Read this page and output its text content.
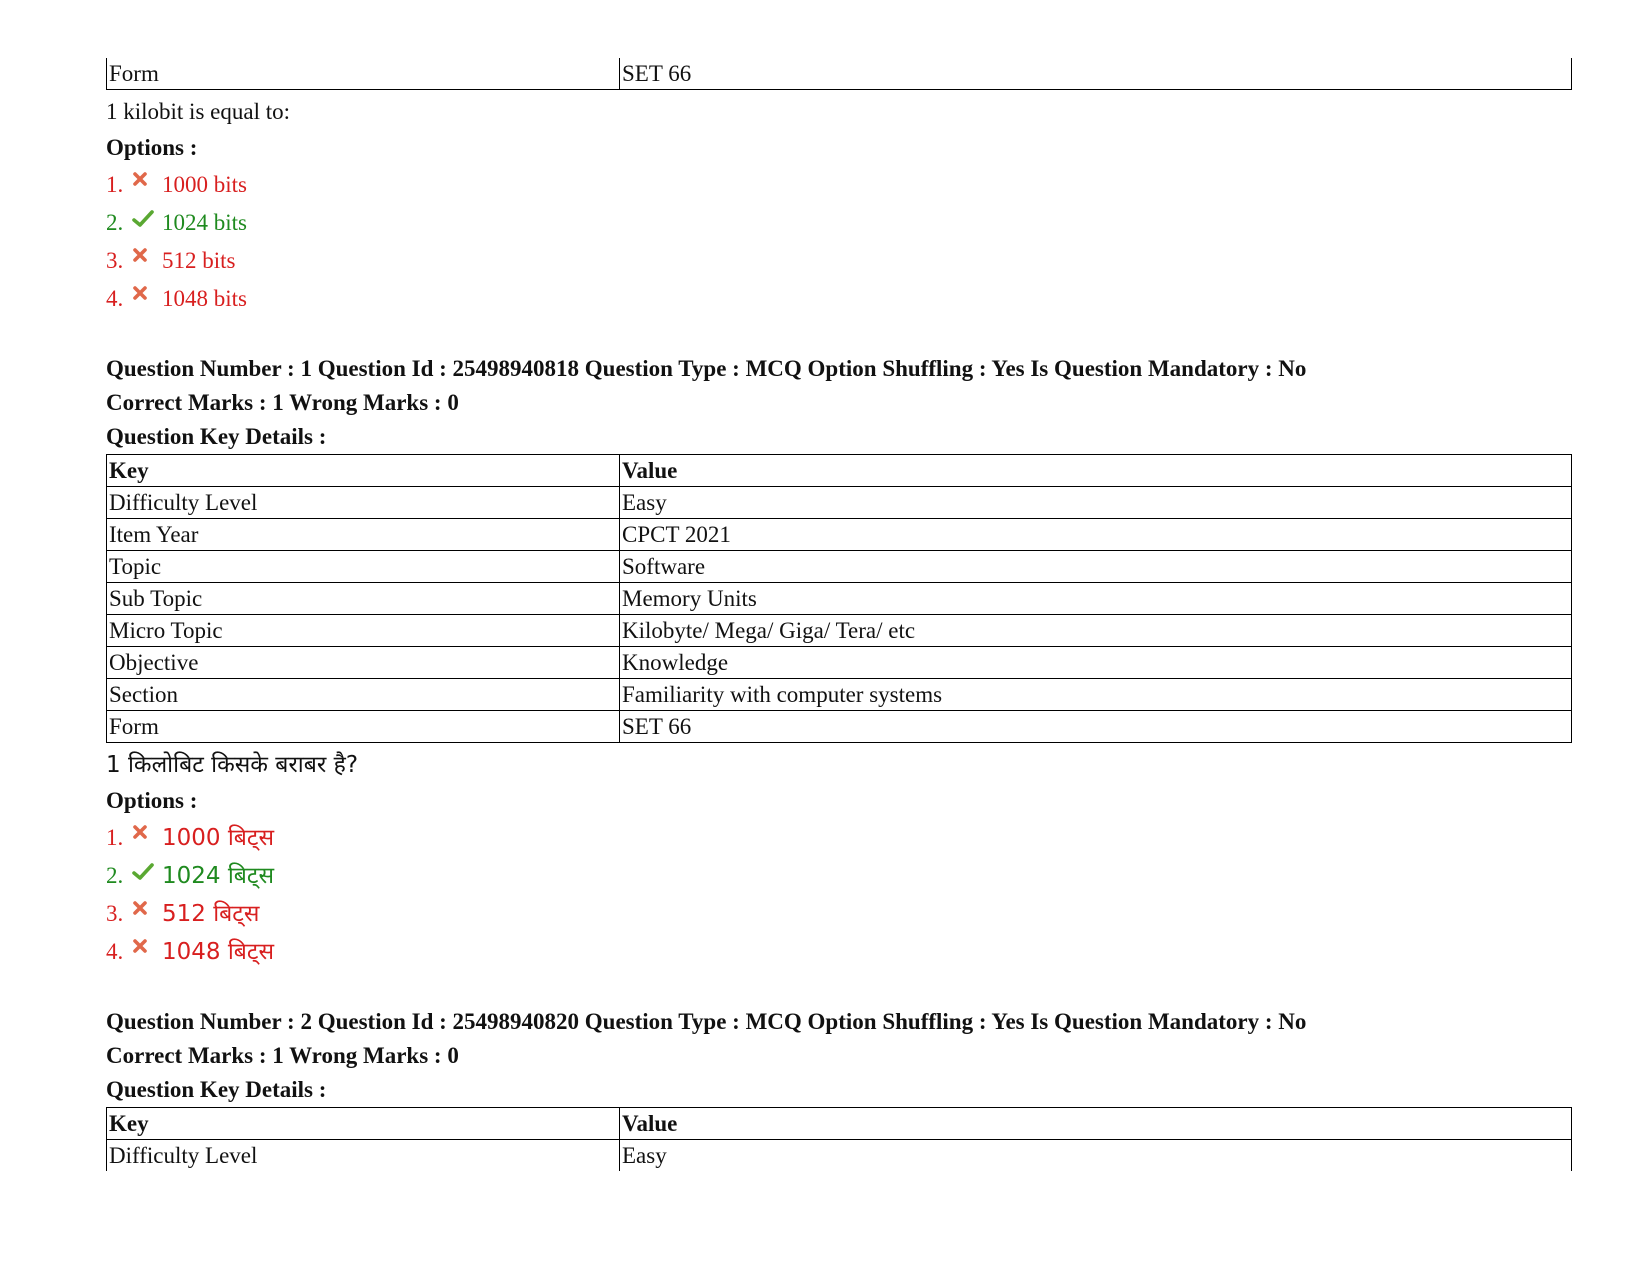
Form	SET 66
1 kilobit is equal to:
Options :
1.	1000 bits
2.	1024 bits
3.	512 bits
4.	1048 bits
Question Number : 1 Question Id : 25498940818 Question Type : MCQ Option Shuffling : Yes Is Question Mandatory : No
Correct Marks : 1 Wrong Marks : 0
Question Key Details :
Key	Value
Difficulty Level	Easy
Item Year	CPCT 2021
Topic	Software
Sub Topic	Memory Units
Micro Topic	Kilobyte/ Mega/ Giga/ Tera/ etc
Objective	Knowledge
Section	Familiarity with computer systems
Form	SET 66
1 किलोबिट किसके बराबर है?
Options :
1.	1000 बिट्स
2.	1024 बिट्स
3.	512 बिट्स
4.	1048 बिट्स
Question Number : 2 Question Id : 25498940820 Question Type : MCQ Option Shuffling : Yes Is Question Mandatory : No
Correct Marks : 1 Wrong Marks : 0
Question Key Details :
Key	Value
Difficulty Level	Easy
